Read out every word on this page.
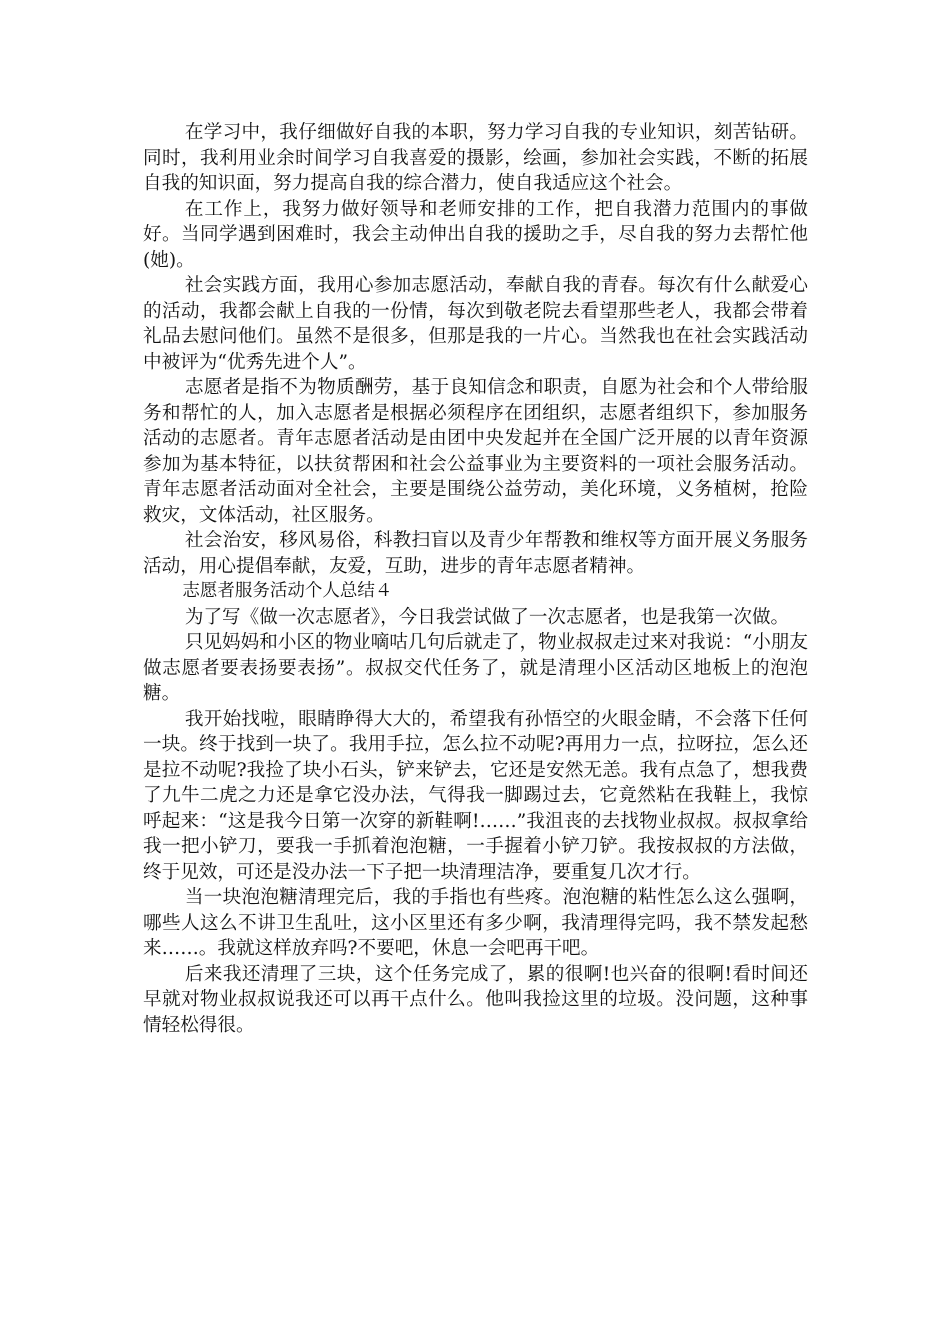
在学习中，我仔细做好自我的本职，努力学习自我的专业知识，刻苦钻研。同时，我利用业余时间学习自我喜爱的摄影，绘画，参加社会实践，不断的拓展自我的知识面，努力提高自我的综合潜力，使自我适应这个社会。

在工作上，我努力做好领导和老师安排的工作，把自我潜力范围内的事做好。当同学遇到困难时，我会主动伸出自我的援助之手，尽自我的努力去帮忙他(她)。

社会实践方面，我用心参加志愿活动，奉献自我的青春。每次有什么献爱心的活动，我都会献上自我的一份情，每次到敬老院去看望那些老人，我都会带着礼品去慰问他们。虽然不是很多，但那是我的一片心。当然我也在社会实践活动中被评为“优秀先进个人”。

志愿者是指不为物质酬劳，基于良知信念和职责，自愿为社会和个人带给服务和帮忙的人，加入志愿者是根据必须程序在团组织，志愿者组织下，参加服务活动的志愿者。青年志愿者活动是由团中央发起并在全国广泛开展的以青年资源参加为基本特征，以扶贫帮困和社会公益事业为主要资料的一项社会服务活动。青年志愿者活动面对全社会，主要是围绕公益劳动，美化环境，义务植树，抢险救灾，文体活动，社区服务。

社会治安，移风易俗，科教扫盲以及青少年帮教和维权等方面开展义务服务活动，用心提倡奉献，友爱，互助，进步的青年志愿者精神。

志愿者服务活动个人总结４

为了写《做一次志愿者》，今日我尝试做了一次志愿者，也是我第一次做。

只见妈妈和小区的物业嘀咕几句后就走了，物业叔叔走过来对我说：“小朋友做志愿者要表扬要表扬”。叔叔交代任务了，就是清理小区活动区地板上的泡泡糖。

我开始找啦，眼睛睁得大大的，希望我有孙悟空的火眼金睛，不会落下任何一块。终于找到一块了。我用手拉，怎么拉不动呢?再用力一点，拉呀拉，怎么还是拉不动呢?我捡了块小石头，铲来铲去，它还是安然无恙。我有点急了，想我费了九牛二虎之力还是拿它没办法，气得我一脚踢过去，它竟然粘在我鞋上，我惊呼起来：“这是我今日第一次穿的新鞋啊!……”我沮丧的去找物业叔叔。叔叔拿给我一把小铲刀，要我一手抓着泡泡糖，一手握着小铲刀铲。我按叔叔的方法做，终于见效，可还是没办法一下子把一块清理洁净，要重复几次才行。

当一块泡泡糖清理完后，我的手指也有些疼。泡泡糖的粘性怎么这么强啊，哪些人这么不讲卫生乱吐，这小区里还有多少啊，我清理得完吗，我不禁发起愁来……。我就这样放弃吗?不要吧，休息一会吧再干吧。

后来我还清理了三块，这个任务完成了，累的很啊!也兴奋的很啊!看时间还早就对物业叔叔说我还可以再干点什么。他叫我捡这里的垃圾。没问题，这种事情轻松得很。
